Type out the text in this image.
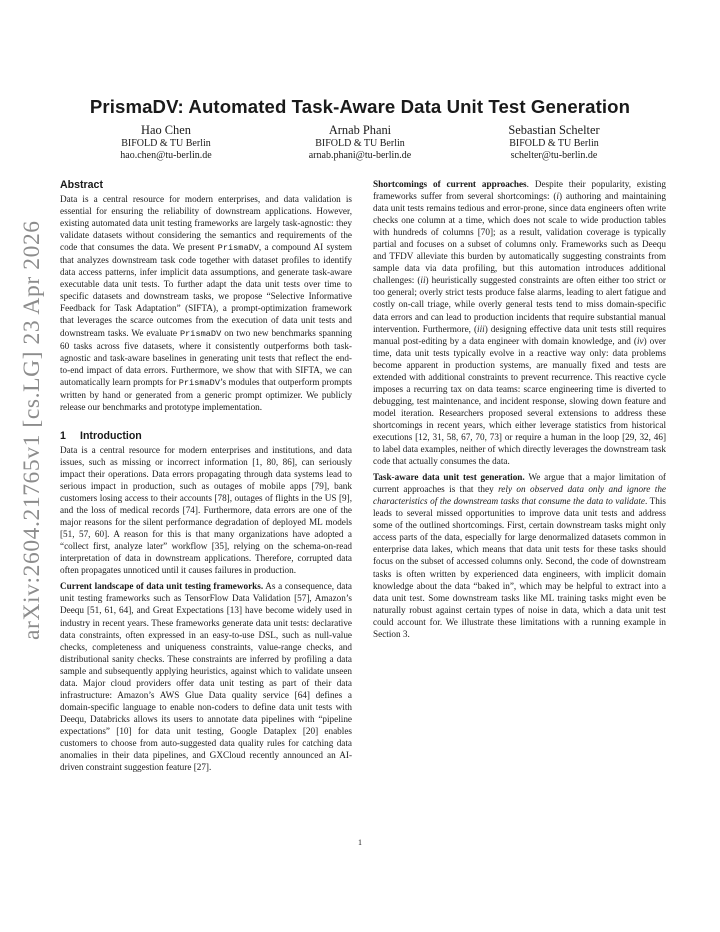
arXiv:2604.21765v1 [cs.LG] 23 Apr 2026
PrismaDV: Automated Task-Aware Data Unit Test Generation
Hao Chen
BIFOLD & TU Berlin
hao.chen@tu-berlin.de
Arnab Phani
BIFOLD & TU Berlin
arnab.phani@tu-berlin.de
Sebastian Schelter
BIFOLD & TU Berlin
schelter@tu-berlin.de
Abstract

Data is a central resource for modern enterprises, and data validation is essential for ensuring the reliability of downstream applications. However, existing automated data unit testing frameworks are largely task-agnostic: they validate datasets without considering the semantics and requirements of the code that consumes the data. We present PrismaDV, a compound AI system that analyzes downstream task code together with dataset profiles to identify data access patterns, infer implicit data assumptions, and generate task-aware executable data unit tests. To further adapt the data unit tests over time to specific datasets and downstream tasks, we propose “Selective Informative Feedback for Task Adaptation” (SIFTA), a prompt-optimization framework that leverages the scarce outcomes from the execution of data unit tests and downstream tasks. We evaluate PrismaDV on two new benchmarks spanning 60 tasks across five datasets, where it consistently outperforms both task-agnostic and task-aware baselines in generating unit tests that reflect the end-to-end impact of data errors. Furthermore, we show that with SIFTA, we can automatically learn prompts for PrismaDV’s modules that outperform prompts written by hand or generated from a generic prompt optimizer. We publicly release our benchmarks and prototype implementation.

1 Introduction

Data is a central resource for modern enterprises and institutions, and data issues, such as missing or incorrect information [1, 80, 86], can seriously impact their operations. Data errors propagating through data systems lead to serious impact in production, such as outages of mobile apps [79], bank customers losing access to their accounts [78], outages of flights in the US [9], and the loss of medical records [74]. Furthermore, data errors are one of the major reasons for the silent performance degradation of deployed ML models [51, 57, 60]. A reason for this is that many organizations have adopted a “collect first, analyze later” workflow [35], relying on the schema-on-read interpretation of data in downstream applications. Therefore, corrupted data often propagates unnoticed until it causes failures in production.

Current landscape of data unit testing frameworks. As a consequence, data unit testing frameworks such as TensorFlow Data Validation [57], Amazon’s Deequ [51, 61, 64], and Great Expectations [13] have become widely used in industry in recent years. These frameworks generate data unit tests: declarative data constraints, often expressed in an easy-to-use DSL, such as null-value checks, completeness and uniqueness constraints, value-range checks, and distributional sanity checks. These constraints are inferred by profiling a data sample and subsequently applying heuristics, against which to validate unseen data. Major cloud providers offer data unit testing as part of their data infrastructure: Amazon’s AWS Glue Data quality service [64] defines a domain-specific language to enable non-coders to define data unit tests with Deequ, Databricks allows its users to annotate data pipelines with “pipeline expectations” [10] for data unit testing, Google Dataplex [20] enables customers to choose from auto-suggested data quality rules for catching data anomalies in their data pipelines, and GXCloud recently announced an AI-driven constraint suggestion feature [27].

Shortcomings of current approaches. Despite their popularity, existing frameworks suffer from several shortcomings: (i) authoring and maintaining data unit tests remains tedious and error-prone, since data engineers often write checks one column at a time, which does not scale to wide production tables with hundreds of columns [70]; as a result, validation coverage is typically partial and focuses on a subset of columns only. Frameworks such as Deequ and TFDV alleviate this burden by automatically suggesting constraints from sample data via data profiling, but this automation introduces additional challenges: (ii) heuristically suggested constraints are often either too strict or too general; overly strict tests produce false alarms, leading to alert fatigue and costly on-call triage, while overly general tests tend to miss domain-specific data errors and can lead to production incidents that require substantial manual intervention. Furthermore, (iii) designing effective data unit tests still requires manual post-editing by a data engineer with domain knowledge, and (iv) over time, data unit tests typically evolve in a reactive way only: data problems become apparent in production systems, are manually fixed and tests are extended with additional constraints to prevent recurrence. This reactive cycle imposes a recurring tax on data teams: scarce engineering time is diverted to debugging, test maintenance, and incident response, slowing down feature and model iteration. Researchers proposed several extensions to address these shortcomings in recent years, which either leverage statistics from historical executions [12, 31, 58, 67, 70, 73] or require a human in the loop [29, 32, 46] to label data examples, neither of which directly leverages the downstream task code that actually consumes the data.

Task-aware data unit test generation. We argue that a major limitation of current approaches is that they rely on observed data only and ignore the characteristics of the downstream tasks that consume the data to validate. This leads to several missed opportunities to improve data unit tests and address some of the outlined shortcomings. First, certain downstream tasks might only access parts of the data, especially for large denormalized datasets common in enterprise data lakes, which means that data unit tests for these tasks should focus on the subset of accessed columns only. Second, the code of downstream tasks is often written by experienced data engineers, with implicit domain knowledge about the data “baked in”, which may be helpful to extract into a data unit test. Some downstream tasks like ML training tasks might even be naturally robust against certain types of noise in data, which a data unit test could account for. We illustrate these limitations with a running example in Section 3.

1
